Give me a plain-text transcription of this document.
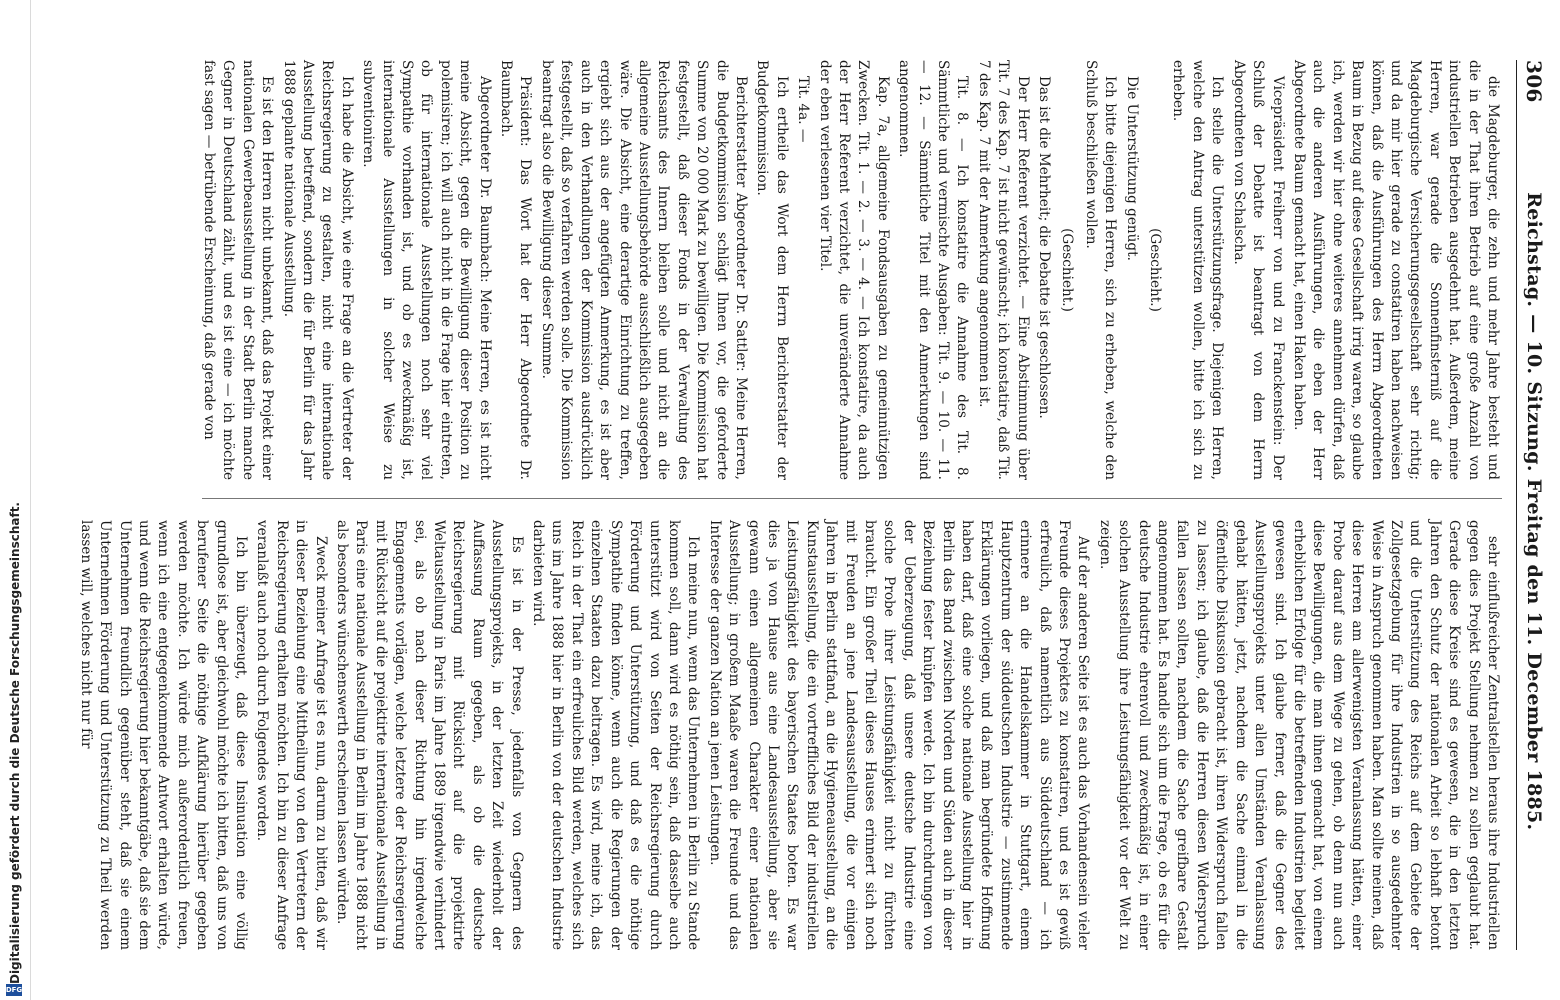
Digitalisierung gefördert durch die Deutsche Forschungsgemeinschaft.
DFG
306
Reichstag. — 10. Sitzung. Freitag den 11. December 1885.

die Magdeburger, die zehn und mehr Jahre besteht und die in der That ihren Betrieb auf eine große Anzahl von industriellen Betrieben ausgedehnt hat. Außerdem, meine Herren, war gerade die Sonnenfinsterniß auf die Magdeburgische Versicherungsgesellschaft sehr richtig; und da mir hier gerade zu constatiren haben nachweisen können, daß die Ausführungen des Herrn Abgeordneten Baum in Bezug auf diese Gesellschaft irrig waren, so glaube ich, werden wir hier ohne weiteres annehmen dürfen, daß auch die anderen Ausführungen, die eben der Herr Abgeordnete Baum gemacht hat, einen Haken haben.

Vicepräsident Freiherr von und zu Franckenstein: Der Schluß der Debatte ist beantragt von dem Herrn Abgeordneten von Schalscha.

Ich stelle die Unterstützungsfrage. Diejenigen Herren, welche den Antrag unterstützen wollen, bitte ich sich zu erheben.

(Geschieht.)

Die Unterstützung genügt.

Ich bitte diejenigen Herren, sich zu erheben, welche den Schluß beschließen wollen.

(Geschieht.)

Das ist die Mehrheit; die Debatte ist geschlossen.

Der Herr Referent verzichtet. — Eine Abstimmung über Tit. 7 des Kap. 7 ist nicht gewünscht; ich konstatire, daß Tit. 7 des Kap. 7 mit der Anmerkung angenommen ist.

Tit. 8. — Ich konstatire die Annahme des Tit. 8. Sämmtliche und vermischte Ausgaben: Tit. 9. — 10. — 11. — 12. — Sämmtliche Titel mit den Anmerkungen sind angenommen.

Kap. 7a, allgemeine Fondsausgaben zu gemeinnützigen Zwecken. Tit. 1. — 2. — 3. — 4. — Ich konstatire, da auch der Herr Referent verzichtet, die unveränderte Annahme der eben verlesenen vier Titel.

Tit. 4a. —

Ich ertheile das Wort dem Herrn Berichterstatter der Budgetkommission.

Berichterstatter Abgeordneter Dr. Sattler: Meine Herren, die Budgetkommission schlägt Ihnen vor, die geforderte Summe von 20 000 Mark zu bewilligen. Die Kommission hat festgestellt, daß dieser Fonds in der Verwaltung des Reichsamts des Innern bleiben solle und nicht an die allgemeine Ausstellungsbehörde ausschließlich ausgegeben wäre. Die Absicht, eine derartige Einrichtung zu treffen, ergiebt sich aus der angefügten Anmerkung, es ist aber auch in den Verhandlungen der Kommission ausdrücklich festgestellt, daß so verfahren werden solle. Die Kommission beantragt also die Bewilligung dieser Summe.

Präsident: Das Wort hat der Herr Abgeordnete Dr. Baumbach.

Abgeordneter Dr. Baumbach: Meine Herren, es ist nicht meine Absicht, gegen die Bewilligung dieser Position zu polemisiren; ich will auch nicht in die Frage hier eintreten, ob für internationale Ausstellungen noch sehr viel Sympathie vorhanden ist, und ob es zweckmäßig ist, internationale Ausstellungen in solcher Weise zu subventioniren.

Ich habe die Absicht, wie eine Frage an die Vertreter der Reichsregierung zu gestalten, nicht eine internationale Ausstellung betreffend, sondern die für Berlin für das Jahr 1888 geplante nationale Ausstellung.

Es ist den Herren nicht unbekannt, daß das Projekt einer nationalen Gewerbeausstellung in der Stadt Berlin manche Gegner in Deutschland zählt, und es ist eine — ich möchte fast sagen — betrübende Erscheinung, daß gerade von

sehr einflußreicher Zentralstellen heraus ihre Industriellen gegen dies Projekt Stellung nehmen zu sollen geglaubt hat. Gerade diese Kreise sind es gewesen, die in den letzten Jahren den Schutz der nationalen Arbeit so lebhaft betont und die Unterstützung des Reichs auf dem Gebiete der Zollgesetzgebung für ihre Industrien in so ausgedehnter Weise in Anspruch genommen haben. Man sollte meinen, daß diese Herren am allerwenigsten Veranlassung hätten, einer Probe darauf aus dem Wege zu gehen, ob denn nun auch diese Bewilligungen, die man ihnen gemacht hat, von einem erheblichen Erfolge für die betreffenden Industrien begleitet gewesen sind. Ich glaube ferner, daß die Gegner des Ausstellungsprojekts unter allen Umständen Veranlassung gehabt hätten, jetzt, nachdem die Sache einmal in die öffentliche Diskussion gebracht ist, ihren Widerspruch fallen zu lassen; ich glaube, daß die Herren diesen Widerspruch fallen lassen sollten, nachdem die Sache greifbare Gestalt angenommen hat. Es handle sich um die Frage, ob es für die deutsche Industrie ehrenvoll und zweckmäßig ist, in einer solchen Ausstellung ihre Leistungsfähigkeit vor der Welt zu zeigen.

Auf der anderen Seite ist es auch das Vorhandensein vieler Freunde dieses Projektes zu konstatiren, und es ist gewiß erfreulich, daß namentlich aus Süddeutschland — ich erinnere an die Handelskammer in Stuttgart, einem Hauptzentrum der süddeutschen Industrie — zustimmende Erklärungen vorliegen, und daß man begründete Hoffnung haben darf, daß eine solche nationale Ausstellung hier in Berlin das Band zwischen Norden und Süden auch in dieser Beziehung fester knüpfen werde. Ich bin durchdrungen von der Ueberzeugung, daß unsere deutsche Industrie eine solche Probe ihrer Leistungsfähigkeit nicht zu fürchten braucht. Ein großer Theil dieses Hauses erinnert sich noch mit Freuden an jene Landesausstellung, die vor einigen Jahren in Berlin stattfand, an die Hygieneausstellung, an die Kunstausstellung, die ein vortreffliches Bild der industriellen Leistungsfähigkeit des bayerischen Staates boten. Es war dies ja von Hause aus eine Landesausstellung, aber sie gewann einen allgemeinen Charakter einer nationalen Ausstellung; in großem Maaße waren die Freunde und das Interesse der ganzen Nation an jenen Leistungen.

Ich meine nun, wenn das Unternehmen in Berlin zu Stande kommen soll, dann wird es nöthig sein, daß dasselbe auch unterstützt wird von Seiten der Reichsregierung durch Förderung und Unterstützung, und daß es die nöthige Sympathie finden könne, wenn auch die Regierungen der einzelnen Staaten dazu beitragen. Es wird, meine ich, das Reich in der That ein erfreuliches Bild werden, welches sich uns im Jahre 1888 hier in Berlin von der deutschen Industrie darbieten wird.

Es ist in der Presse, jedenfalls von Gegnern des Ausstellungsprojekts, in der letzten Zeit wiederholt der Auffassung Raum gegeben, als ob die deutsche Reichsregierung mit Rücksicht auf die projektirte Weltausstellung in Paris im Jahre 1889 irgendwie verhindert sei, als ob nach dieser Richtung hin irgendwelche Engagements vorlägen, welche letztere der Reichsregierung mit Rücksicht auf die projektirte internationale Ausstellung in Paris eine nationale Ausstellung in Berlin im Jahre 1888 nicht als besonders wünschenswerth erscheinen lassen würden.

Zweck meiner Anfrage ist es nun, darum zu bitten, daß wir in dieser Beziehung eine Mittheilung von den Vertretern der Reichsregierung erhalten möchten. Ich bin zu dieser Anfrage veranlaßt auch noch durch Folgendes worden.

Ich bin überzeugt, daß diese Insinuation eine völlig grundlose ist, aber gleichwohl möchte ich bitten, daß uns von berufener Seite die nöthige Aufklärung hierüber gegeben werden möchte. Ich würde mich außerordentlich freuen, wenn ich eine entgegenkommende Antwort erhalten würde, und wenn die Reichsregierung hier bekanntgäbe, daß sie dem Unternehmen freundlich gegenüber steht, daß sie einem Unternehmen Förderung und Unterstützung zu Theil werden lassen will, welches nicht nur für
